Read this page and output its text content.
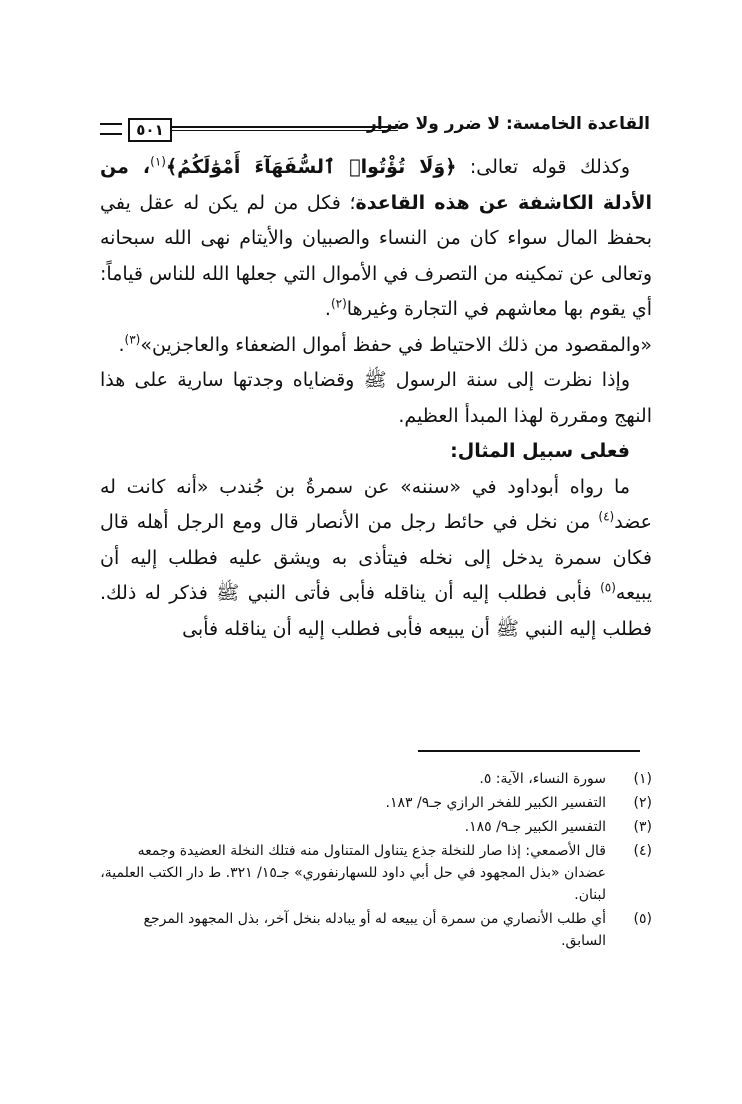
القاعدة الخامسة: لا ضرر ولا ضرار
٥٠١

وكذلك قوله تعالى: ﴿وَلَا تُؤْتُوا۟ ٱلسُّفَهَآءَ أَمْوَٰلَكُمُ﴾$^{(١)}$، من الأدلة الكاشفة عن هذه القاعدة؛ فكل من لم يكن له عقل يفي بحفظ المال سواء كان من النساء والصبيان والأيتام نهى الله سبحانه وتعالى عن تمكينه من التصرف في الأموال التي جعلها الله للناس قياماً: أي يقوم بها معاشهم في التجارة وغيرها$^{(٢)}$.

«والمقصود من ذلك الاحتياط في حفظ أموال الضعفاء والعاجزين»$^{(٣)}$.

وإذا نظرت إلى سنة الرسول ﷺ وقضاياه وجدتها سارية على هذا النهج ومقررة لهذا المبدأ العظيم.

فعلى سبيل المثال:

ما رواه أبوداود في «سننه» عن سمرةُ بن جُندب «أنه كانت له عضد$^{(٤)}$ من نخل في حائط رجل من الأنصار قال ومع الرجل أهله قال فكان سمرة يدخل إلى نخله فيتأذى به ويشق عليه فطلب إليه أن يبيعه$^{(٥)}$ فأبى فطلب إليه أن يناقله فأبى فأتى النبي ﷺ فذكر له ذلك. فطلب إليه النبي ﷺ أن يبيعه فأبى فطلب إليه أن يناقله فأبى

(١)
سورة النساء، الآية: ٥.
(٢)
التفسير الكبير للفخر الرازي جـ٩/ ١٨٣.
(٣)
التفسير الكبير جـ٩/ ١٨٥.
(٤)
قال الأصمعي: إذا صار للنخلة جذع يتناول المتناول منه فتلك النخلة العضيدة وجمعه عضدان «بذل المجهود في حل أبي داود للسهارنفوري» جـ١٥/ ٣٢١. ط دار الكتب العلمية، لبنان.
(٥)
أي طلب الأنصاري من سمرة أن يبيعه له أو يبادله بنخل آخر، بذل المجهود المرجع السابق.
